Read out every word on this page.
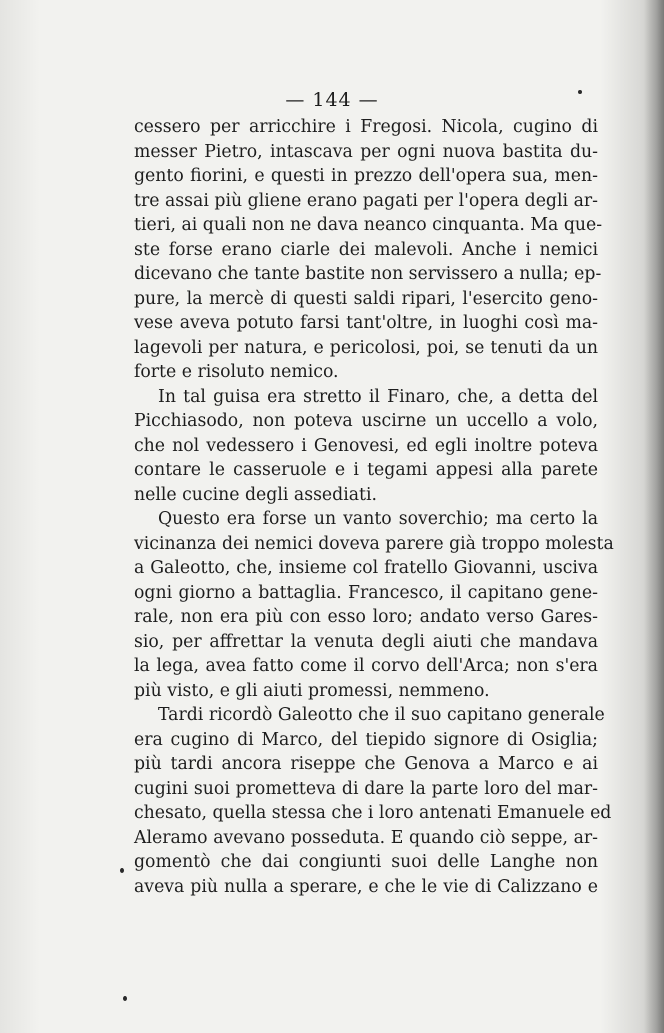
— 144 —
cessero per arricchire i Fregosi. Nicola, cugino di
messer Pietro, intascava per ogni nuova bastita du-
gento fiorini, e questi in prezzo dell'opera sua, men-
tre assai più gliene erano pagati per l'opera degli ar-
tieri, ai quali non ne dava neanco cinquanta. Ma que-
ste forse erano ciarle dei malevoli. Anche i nemici
dicevano che tante bastite non servissero a nulla; ep-
pure, la mercè di questi saldi ripari, l'esercito geno-
vese aveva potuto farsi tant'oltre, in luoghi così ma-
lagevoli per natura, e pericolosi, poi, se tenuti da un
forte e risoluto nemico.
In tal guisa era stretto il Finaro, che, a detta del
Picchiasodo, non poteva uscirne un uccello a volo,
che nol vedessero i Genovesi, ed egli inoltre poteva
contare le casseruole e i tegami appesi alla parete
nelle cucine degli assediati.
Questo era forse un vanto soverchio; ma certo la
vicinanza dei nemici doveva parere già troppo molesta
a Galeotto, che, insieme col fratello Giovanni, usciva
ogni giorno a battaglia. Francesco, il capitano gene-
rale, non era più con esso loro; andato verso Gares-
sio, per affrettar la venuta degli aiuti che mandava
la lega, avea fatto come il corvo dell'Arca; non s'era
più visto, e gli aiuti promessi, nemmeno.
Tardi ricordò Galeotto che il suo capitano generale
era cugino di Marco, del tiepido signore di Osiglia;
più tardi ancora riseppe che Genova a Marco e ai
cugini suoi prometteva di dare la parte loro del mar-
chesato, quella stessa che i loro antenati Emanuele ed
Aleramo avevano posseduta. E quando ciò seppe, ar-
gomentò che dai congiunti suoi delle Langhe non
aveva più nulla a sperare, e che le vie di Calizzano e
